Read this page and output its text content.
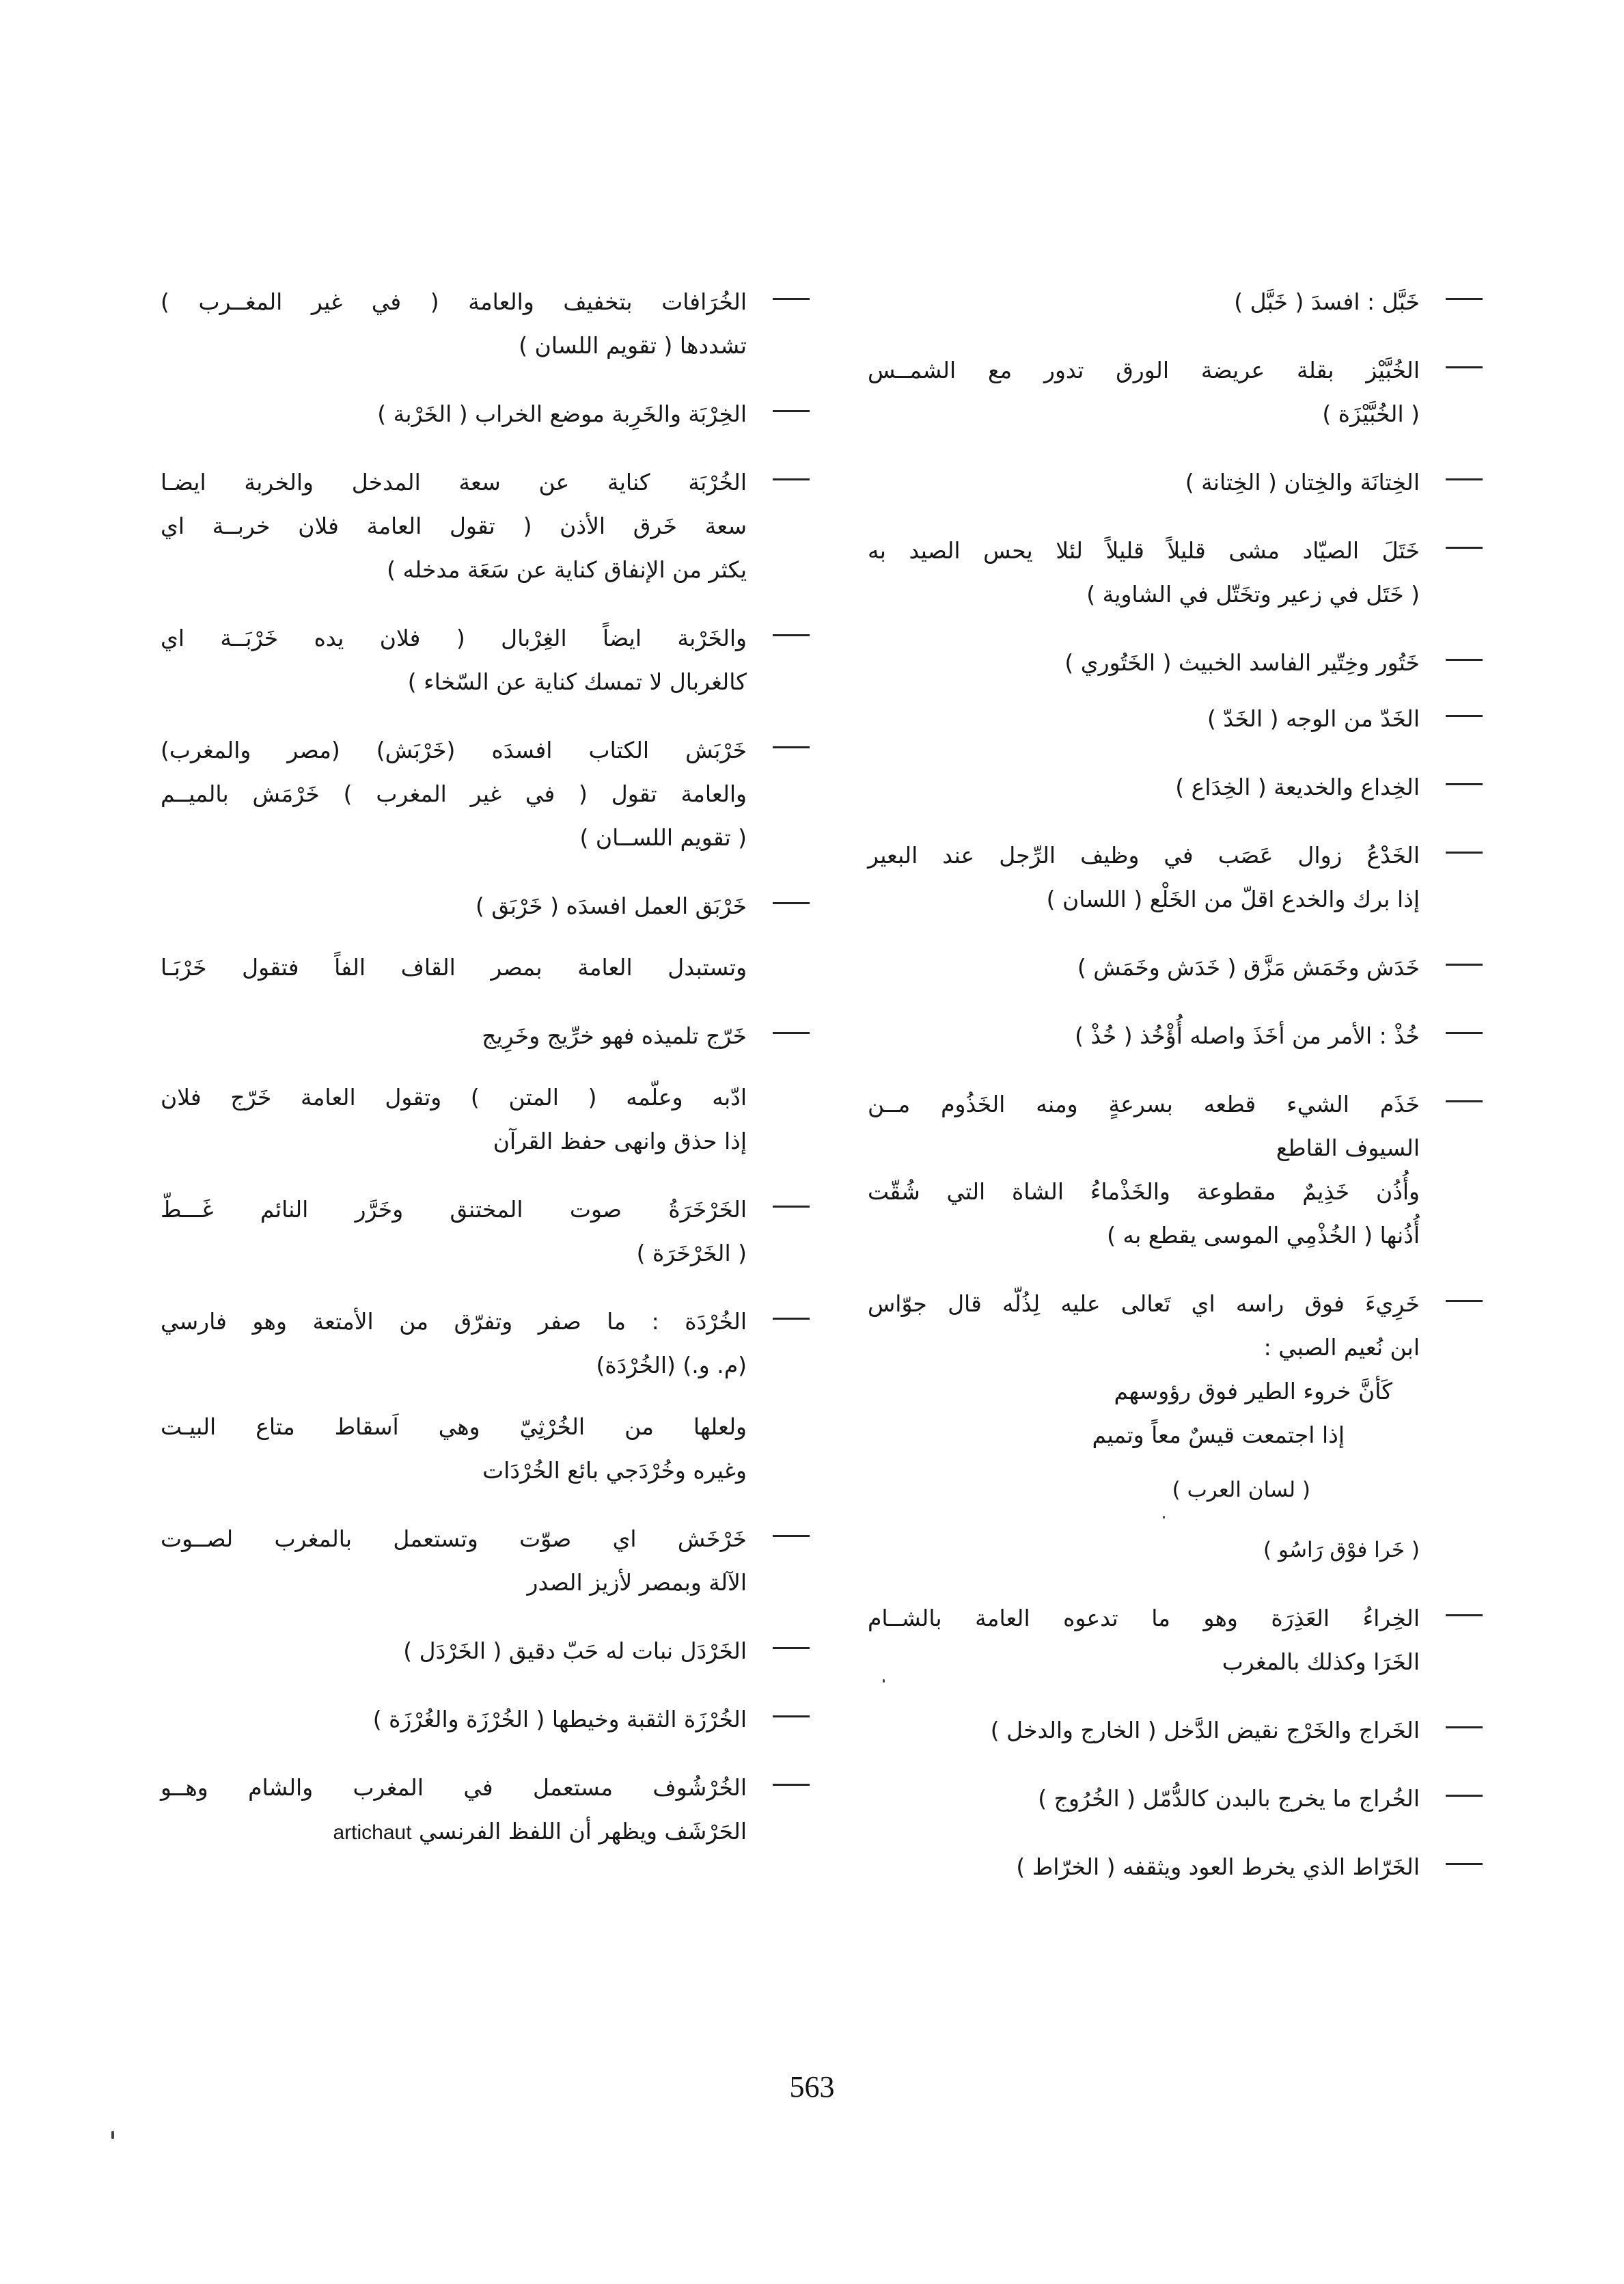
خَبَّل : افسدَ ( خَبَّل )
الخُبَّيْز بقلة عريضة الورق تدور مع الشمــس
( الخُبَّيْزَة )
الخِتانَة والخِتان ( الخِتانة )
خَتَلَ الصيّاد مشى قليلاً قليلاً لئلا يحس الصيد به
( خَتَل في زعير وتخَتّل في الشاوية )
خَتُور وخِتّير الفاسد الخبيث ( الخَتُوري )
الخَدّ من الوجه ( الخَدّ )
الخِداع والخديعة ( الخِدَاع )
الخَدْعُ زوال عَصَب في وظيف الرِّجل عند البعير
إذا برك والخدع اقلّ من الخَلْع ( اللسان )
خَدَش وخَمَش مَزَّق ( خَدَش وخَمَش )
خُذْ : الأمر من أخَذَ واصله أُؤْخُذ ( خُذْ )
خَذَم الشيء قطعه بسرعةٍ ومنه الخَذُوم مــن
السيوف القاطع
وأُذُن خَذِيمٌ مقطوعة والخَذْماءُ الشاة التي شُقّت
أُذُنها ( الخُذْمِي الموسى يقطع به )
خَرِيءَ فوق راسه اي تَعالى عليه لِذُلّه قال جوّاس
ابن نُعيم الصبي :
كَأنَّ خروء الطير فوق رؤوسهم
إذا اجتمعت قيسٌ معاً وتميم
( لسان العرب )
( خَرا فوْق رَاسُو )
الخِراءُ العَذِرَة وهو ما تدعوه العامة بالشــام
الخَرَا وكذلك بالمغرب
الخَراج والخَرْج نقيض الدَّخل ( الخارج والدخل )
الخُراج ما يخرج بالبدن كالدُّمّل ( الخُرُوج )
الخَرّاط الذي يخرط العود ويثقفه ( الخرّاط )
الخُرَافات بتخفيف والعامة ( في غير المغــرب )
تشددها ( تقويم اللسان )
الخِرْبَة والخَرِبة موضع الخراب ( الخَرْبة )
الخُرْبَة كناية عن سعة المدخل والخربة ايضـا
سعة خَرق الأذن ( تقول العامة فلان خربــة اي
يكثر من الإنفاق كناية عن سَعَة مدخله )
والخَرْبة ايضاً الغِرْبال ( فلان يده خَرْبَــة اي
كالغربال لا تمسك كناية عن السّخاء )
خَرْبَش الكتاب افسدَه (خَرْبَش) (مصر والمغرب)
والعامة تقول ( في غير المغرب ) خَرْمَش بالميــم
( تقويم اللســان )
خَرْبَق العمل افسدَه ( خَرْبَق )
وتستبدل العامة بمصر القاف الفاً فتقول خَرْبَـا
خَرّج تلميذه فهو خرِّيج وخَرِيج
ادّبه وعلّمه ( المتن ) وتقول العامة خَرّج فلان
إذا حذق وانهى حفظ القرآن
الخَرْخَرَةُ صوت المختنق وخَرَّر النائم غَـــطّ
( الخَرْخَرَة )
الخُرْدَة : ما صفر وتفرّق من الأمتعة وهو فارسي
(م. و.) (الخُرْدَة)
ولعلها من الخُرْثِيّ وهي اَسقاط متاع البيـت
وغيره وخُرْدَجي بائع الخُرْدَات
خَرْخَش اي صوّت وتستعمل بالمغرب لصــوت
الآلة وبمصر لأزيز الصدر
الخَرْدَل نبات له حَبّ دقيق ( الخَرْدَل )
الخُرْزَة الثقبة وخيطها ( الخُرْزَة والغُرْزَة )
الخُرْشُوف مستعمل في المغرب والشام وهــو
الحَرْشَف ويظهر أن اللفظ الفرنسي artichaut
563
